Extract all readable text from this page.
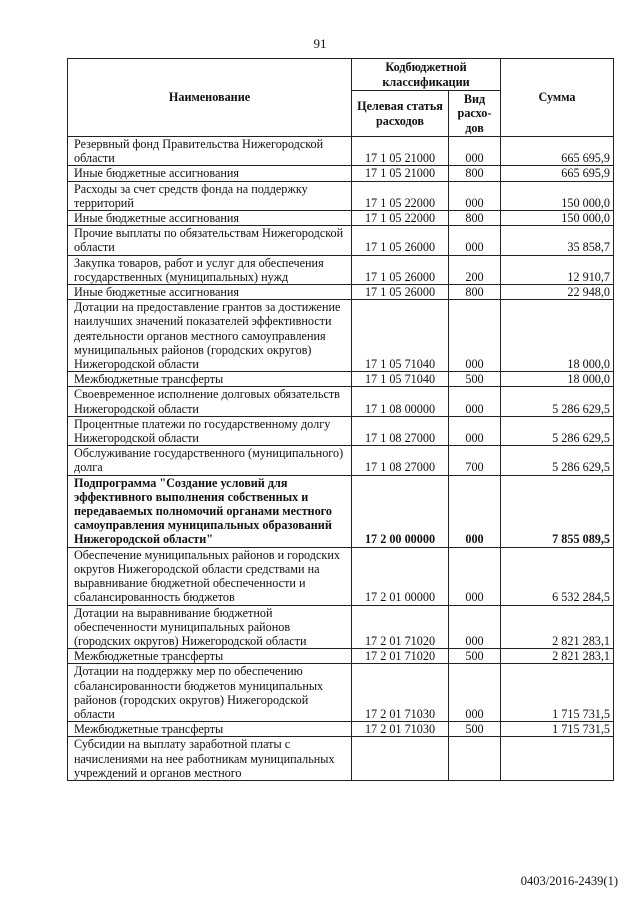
91
Наименование	Кодбюджетной классификации		Сумма
	Целевая статья расходов	Вид расхо-дов	
Резервный фонд Правительства Нижегородской области	17 1 05 21000	000	665 695,9
Иные бюджетные ассигнования	17 1 05 21000	800	665 695,9
Расходы за счет средств фонда на поддержку территорий	17 1 05 22000	000	150 000,0
Иные бюджетные ассигнования	17 1 05 22000	800	150 000,0
Прочие выплаты по обязательствам Нижегородской области	17 1 05 26000	000	35 858,7
Закупка товаров, работ и услуг для обеспечения государственных (муниципальных) нужд	17 1 05 26000	200	12 910,7
Иные бюджетные ассигнования	17 1 05 26000	800	22 948,0
Дотации на предоставление грантов за достижение наилучших значений показателей эффективности деятельности органов местного самоуправления муниципальных районов (городских округов) Нижегородской области	17 1 05 71040	000	18 000,0
Межбюджетные трансферты	17 1 05 71040	500	18 000,0
Своевременное исполнение долговых обязательств Нижегородской области	17 1 08 00000	000	5 286 629,5
Процентные платежи по государственному долгу Нижегородской области	17 1 08 27000	000	5 286 629,5
Обслуживание государственного (муниципального) долга	17 1 08 27000	700	5 286 629,5
Подпрограмма "Создание условий для эффективного выполнения собственных и передаваемых полномочий органами местного самоуправления муниципальных образований Нижегородской области"	17 2 00 00000	000	7 855 089,5
Обеспечение муниципальных районов и городских округов Нижегородской области средствами на выравнивание бюджетной обеспеченности и сбалансированность бюджетов	17 2 01 00000	000	6 532 284,5
Дотации на выравнивание бюджетной обеспеченности муниципальных районов (городских округов) Нижегородской области	17 2 01 71020	000	2 821 283,1
Межбюджетные трансферты	17 2 01 71020	500	2 821 283,1
Дотации на поддержку мер по обеспечению сбалансированности бюджетов муниципальных районов (городских округов) Нижегородской области	17 2 01 71030	000	1 715 731,5
Межбюджетные трансферты	17 2 01 71030	500	1 715 731,5
Субсидии на выплату заработной платы с начислениями на нее работникам муниципальных учреждений и органов местного			
0403/2016-2439(1)
